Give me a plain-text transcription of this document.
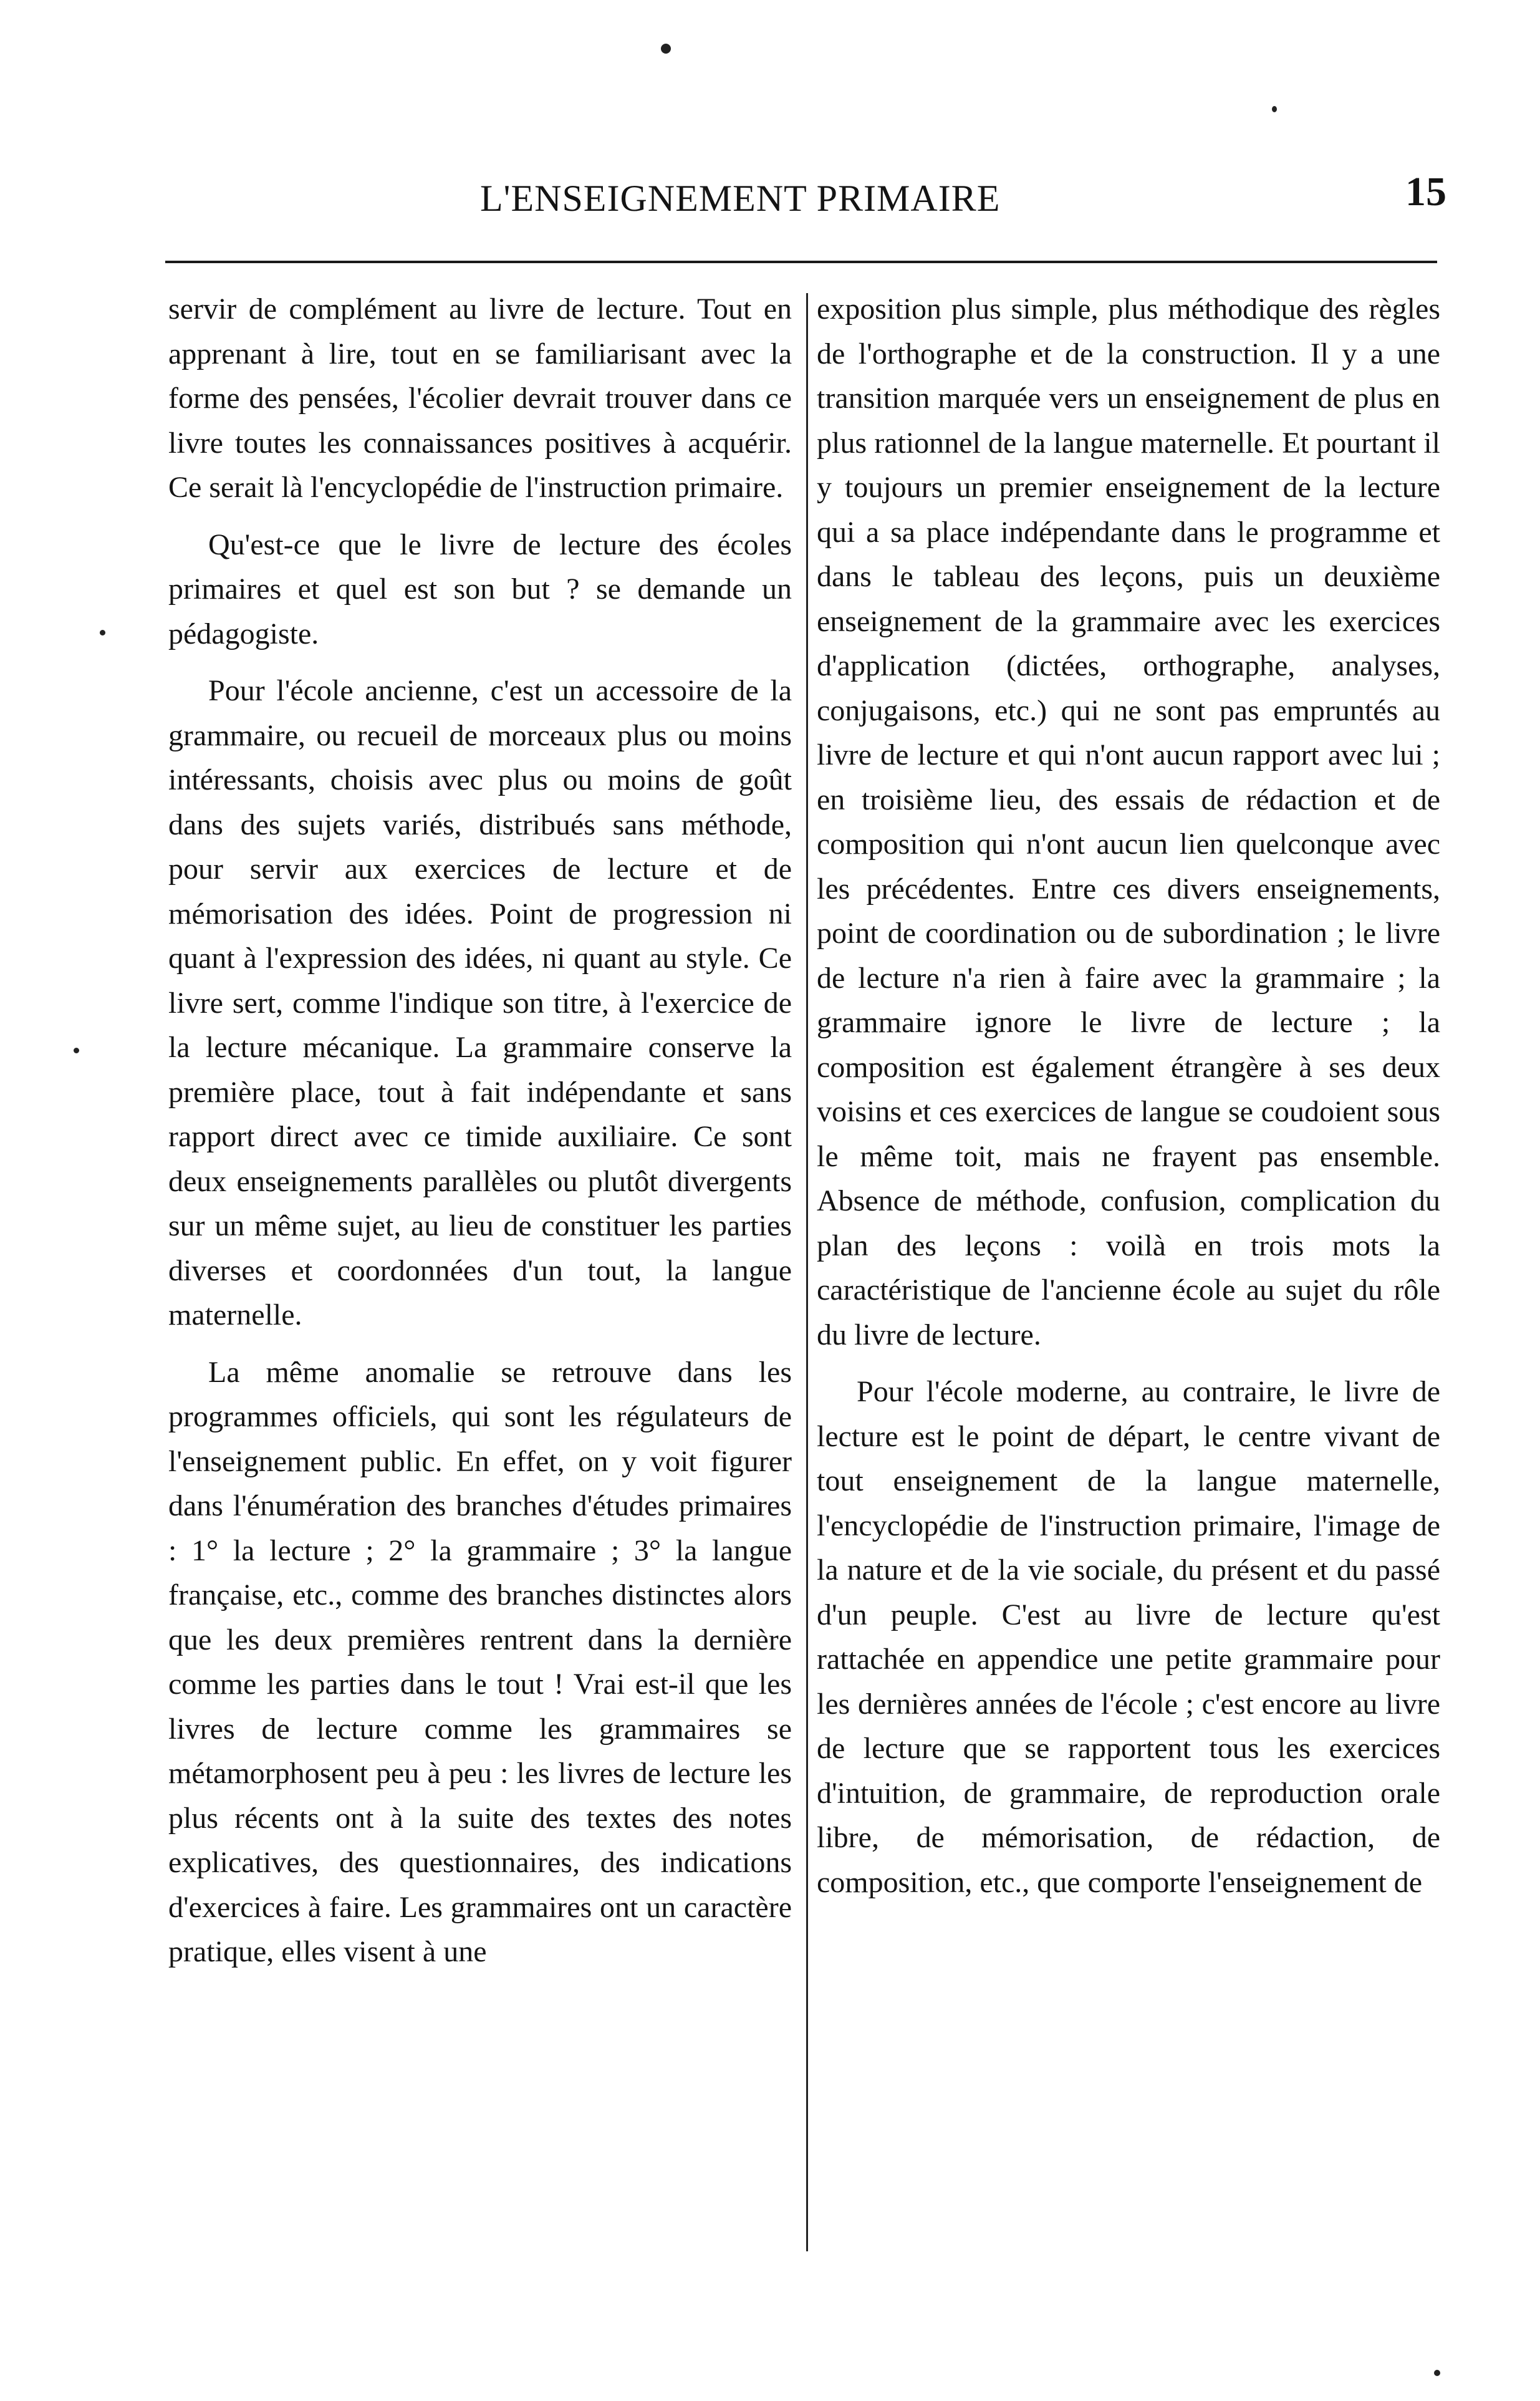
L'ENSEIGNEMENT PRIMAIRE	15

servir de complément au livre de lecture. Tout en apprenant à lire, tout en se familiarisant avec la forme des pensées, l'écolier devrait trouver dans ce livre toutes les connaissances positives à acquérir. Ce serait là l'encyclopédie de l'instruction primaire.

Qu'est-ce que le livre de lecture des écoles primaires et quel est son but ? se demande un pédagogiste.

Pour l'école ancienne, c'est un accessoire de la grammaire, ou recueil de morceaux plus ou moins intéressants, choisis avec plus ou moins de goût dans des sujets variés, distribués sans méthode, pour servir aux exercices de lecture et de mémorisation des idées. Point de progression ni quant à l'expression des idées, ni quant au style. Ce livre sert, comme l'indique son titre, à l'exercice de la lecture mécanique. La grammaire conserve la première place, tout à fait indépendante et sans rapport direct avec ce timide auxiliaire. Ce sont deux enseignements parallèles ou plutôt divergents sur un même sujet, au lieu de constituer les parties diverses et coordonnées d'un tout, la langue maternelle.

La même anomalie se retrouve dans les programmes officiels, qui sont les régulateurs de l'enseignement public. En effet, on y voit figurer dans l'énumération des branches d'études primaires : 1° la lecture ; 2° la grammaire ; 3° la langue française, etc., comme des branches distinctes alors que les deux premières rentrent dans la dernière comme les parties dans le tout ! Vrai est-il que les livres de lecture comme les grammaires se métamorphosent peu à peu : les livres de lecture les plus récents ont à la suite des textes des notes explicatives, des questionnaires, des indications d'exercices à faire. Les grammaires ont un caractère pratique, elles visent à une

exposition plus simple, plus méthodique des règles de l'orthographe et de la construction. Il y a une transition marquée vers un enseignement de plus en plus rationnel de la langue maternelle. Et pourtant il y toujours un premier enseignement de la lecture qui a sa place indépendante dans le programme et dans le tableau des leçons, puis un deuxième enseignement de la grammaire avec les exercices d'application (dictées, orthographe, analyses, conjugaisons, etc.) qui ne sont pas empruntés au livre de lecture et qui n'ont aucun rapport avec lui ; en troisième lieu, des essais de rédaction et de composition qui n'ont aucun lien quelconque avec les précédentes. Entre ces divers enseignements, point de coordination ou de subordination ; le livre de lecture n'a rien à faire avec la grammaire ; la grammaire ignore le livre de lecture ; la composition est également étrangère à ses deux voisins et ces exercices de langue se coudoient sous le même toit, mais ne frayent pas ensemble. Absence de méthode, confusion, complication du plan des leçons : voilà en trois mots la caractéristique de l'ancienne école au sujet du rôle du livre de lecture.

Pour l'école moderne, au contraire, le livre de lecture est le point de départ, le centre vivant de tout enseignement de la langue maternelle, l'encyclopédie de l'instruction primaire, l'image de la nature et de la vie sociale, du présent et du passé d'un peuple. C'est au livre de lecture qu'est rattachée en appendice une petite grammaire pour les dernières années de l'école ; c'est encore au livre de lecture que se rapportent tous les exercices d'intuition, de grammaire, de reproduction orale libre, de mémorisation, de rédaction, de composition, etc., que comporte l'enseignement de
